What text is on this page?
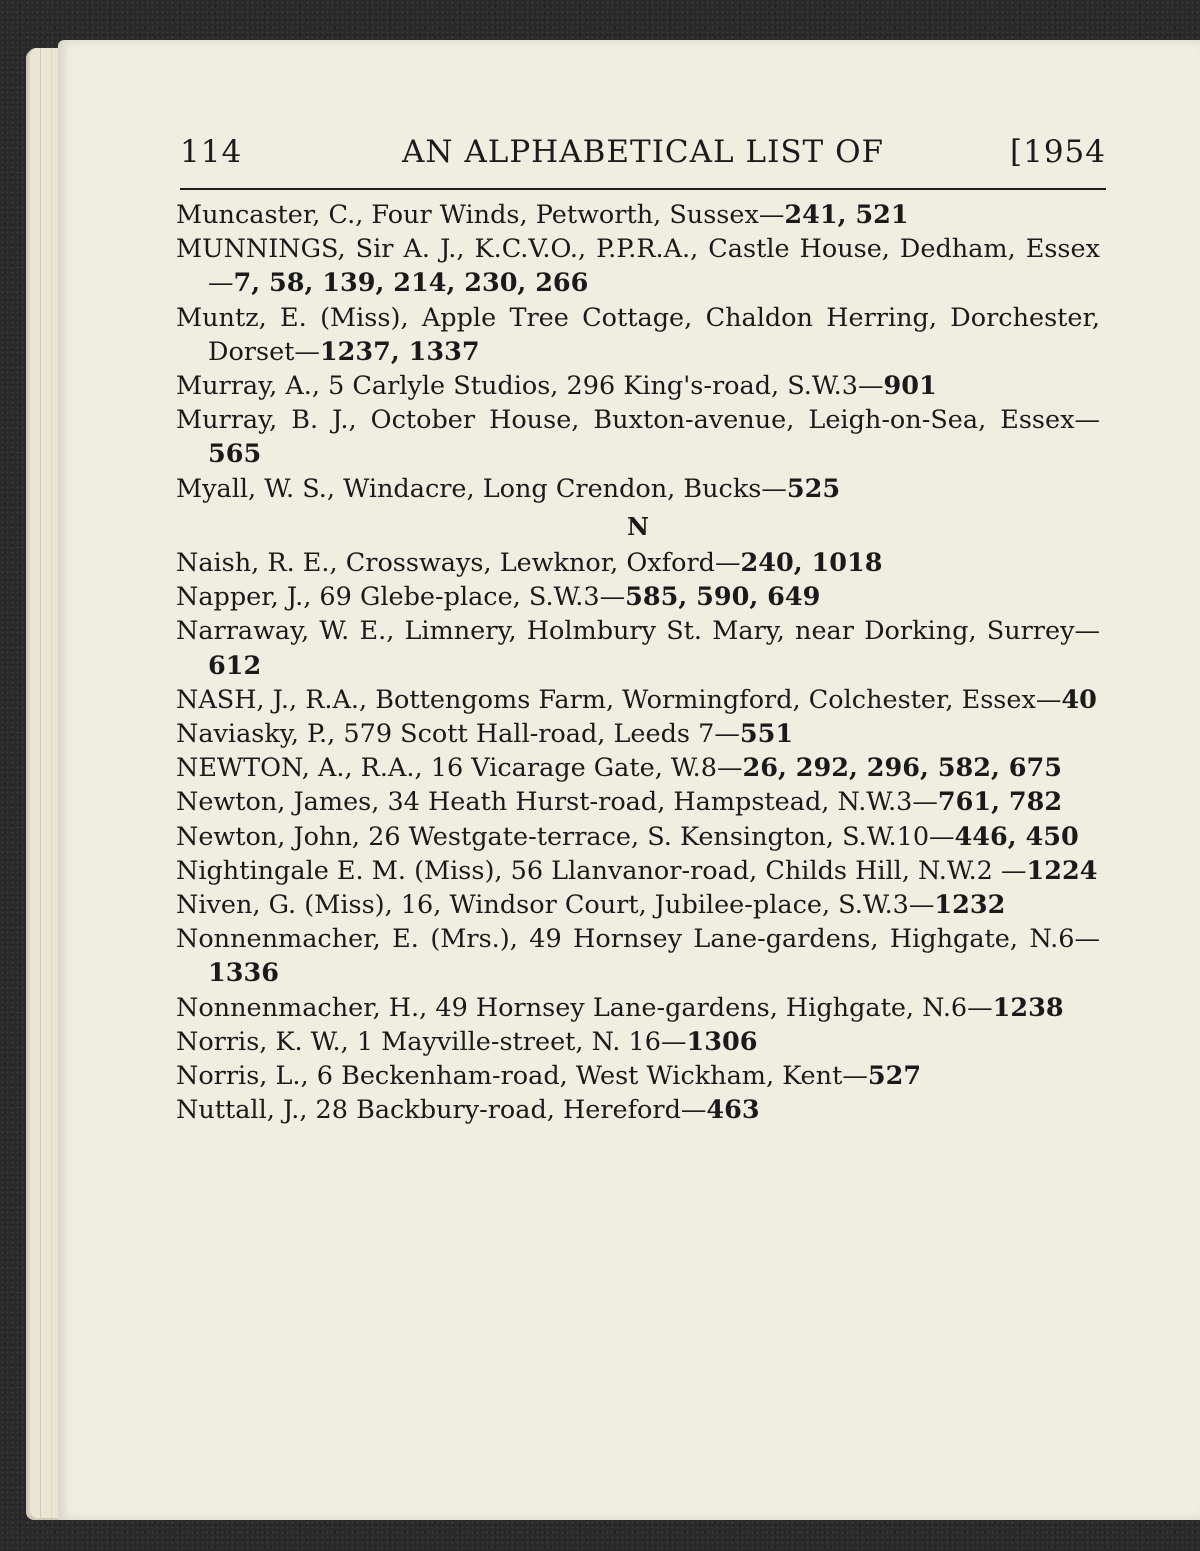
114	AN ALPHABETICAL LIST OF	[1954
Muncaster, C., Four Winds, Petworth, Sussex—241, 521
MUNNINGS, Sir A. J., K.C.V.O., P.P.R.A., Castle House, Dedham, Essex—7, 58, 139, 214, 230, 266
Muntz, E. (Miss), Apple Tree Cottage, Chaldon Herring, Dorchester, Dorset—1237, 1337
Murray, A., 5 Carlyle Studios, 296 King's-road, S.W.3—901
Murray, B. J., October House, Buxton-avenue, Leigh-on-Sea, Essex—565
Myall, W. S., Windacre, Long Crendon, Bucks—525
N
Naish, R. E., Crossways, Lewknor, Oxford—240, 1018
Napper, J., 69 Glebe-place, S.W.3—585, 590, 649
Narraway, W. E., Limnery, Holmbury St. Mary, near Dorking, Surrey—612
NASH, J., R.A., Bottengoms Farm, Wormingford, Colchester, Essex—40
Naviasky, P., 579 Scott Hall-road, Leeds 7—551
NEWTON, A., R.A., 16 Vicarage Gate, W.8—26, 292, 296, 582, 675
Newton, James, 34 Heath Hurst-road, Hampstead, N.W.3—761, 782
Newton, John, 26 Westgate-terrace, S. Kensington, S.W.10—446, 450
Nightingale E. M. (Miss), 56 Llanvanor-road, Childs Hill, N.W.2 —1224
Niven, G. (Miss), 16, Windsor Court, Jubilee-place, S.W.3—1232
Nonnenmacher, E. (Mrs.), 49 Hornsey Lane-gardens, Highgate, N.6—1336
Nonnenmacher, H., 49 Hornsey Lane-gardens, Highgate, N.6—1238
Norris, K. W., 1 Mayville-street, N. 16—1306
Norris, L., 6 Beckenham-road, West Wickham, Kent—527
Nuttall, J., 28 Backbury-road, Hereford—463
